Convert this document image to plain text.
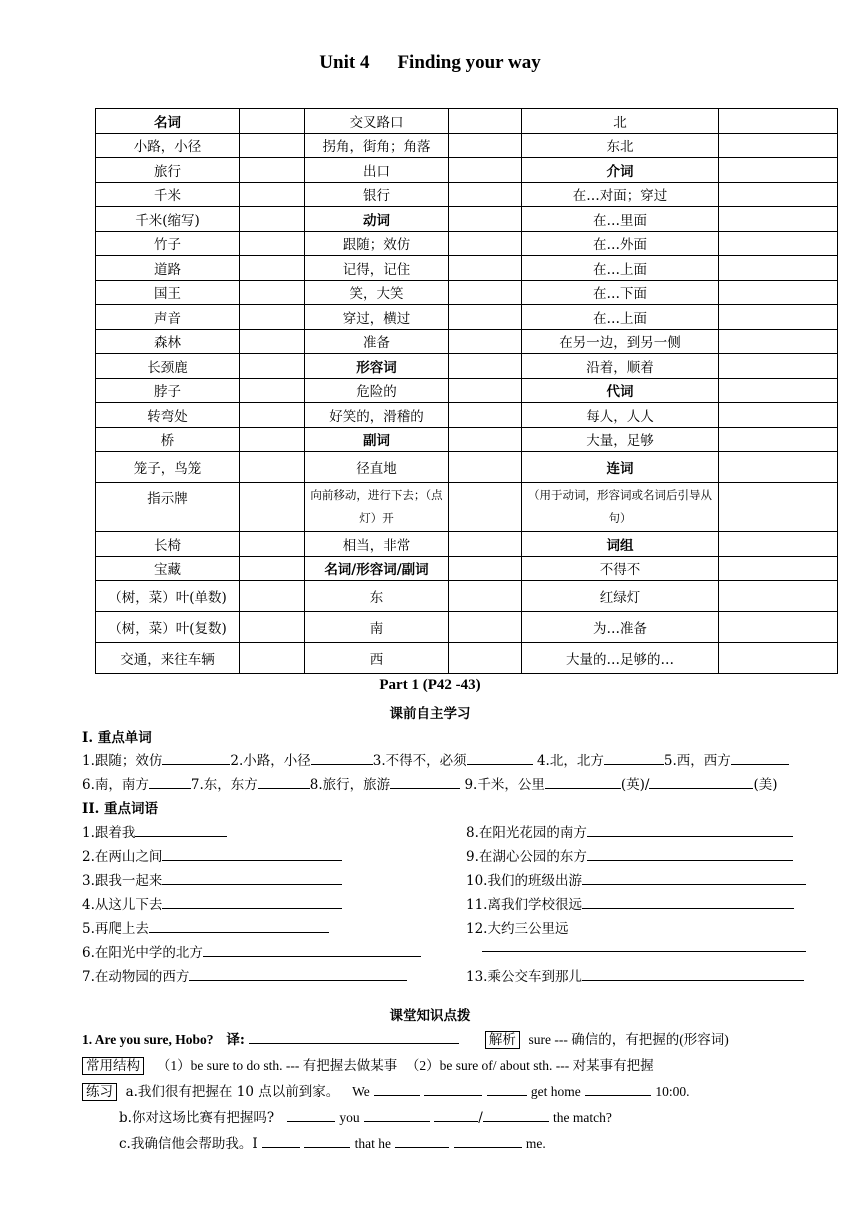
Unit 4 Finding your way
名词		交叉路口		北	
小路，小径		拐角，街角；角落		东北	
旅行		出口		介词	
千米		银行		在…对面；穿过	
千米(缩写)		动词		在…里面	
竹子		跟随；效仿		在…外面	
道路		记得，记住		在…上面	
国王		笑，大笑		在…下面	
声音		穿过，横过		在…上面	
森林		准备		在另一边，到另一侧	
长颈鹿		形容词		沿着，顺着	
脖子		危险的		代词	
转弯处		好笑的，滑稽的		每人，人人	
桥		副词		大量，足够	
笼子，鸟笼		径直地		连词	
指示牌		向前移动，进行下去；（点灯）开		（用于动词，形容词或名词后引导从句）	
长椅		相当，非常		词组	
宝藏		名词/形容词/副词		不得不	
（树，菜）叶(单数)		东		红绿灯	
（树，菜）叶(复数)		南		为…准备	
交通，来往车辆		西		大量的…足够的…	
Part 1 (P42 -43)
课前自主学习
I. 重点单词
1.跟随；效仿	2.小路，小径	3.不得不，必须	4.北，北方	5.西，西方
6.南，南方	7.东，东方	8.旅行，旅游	9.千米，公里	(英)/	(美)
II. 重点词语
1.跟着我
2.在两山之间
3.跟我一起来
4.从这儿下去
5.再爬上去
6.在阳光中学的北方
7.在动物园的西方
8.在阳光花园的南方
9.在湖心公园的东方
10.我们的班级出游
11.离我们学校很远
12.大约三公里远
13.乘公交车到那儿
课堂知识点拨
1. Are you sure, Hobo? 译:	解析 sure --- 确信的，有把握的(形容词)
常用结构 （1）be sure to do sth. --- 有把握去做某事 （2）be sure of/ about sth. --- 对某事有把握
练习 a.我们很有把握在 10 点以前到家。 We	get home	10:00.
b.你对这场比赛有把握吗?	you	/	the match?
c.我确信他会帮助我。I	that he	me.
